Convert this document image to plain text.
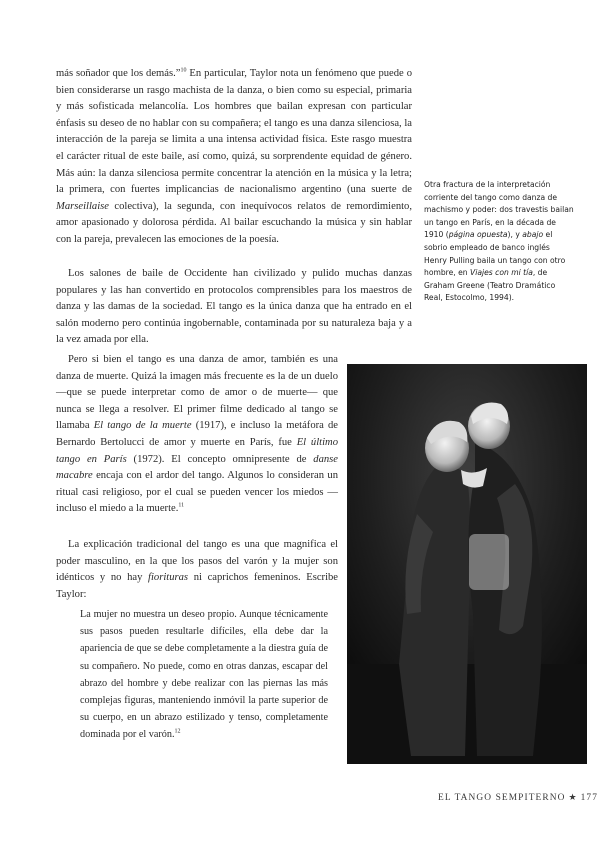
más soñador que los demás.”$^{10}$ En particular, Taylor nota un fenómeno que puede o bien considerarse un rasgo machista de la danza, o bien como su especial, primaria y más sofisticada melancolía. Los hombres que bailan expresan con particular énfasis su deseo de no hablar con su compañera; el tango es una danza silenciosa, la interacción de la pareja se limita a una intensa actividad física. Este rasgo muestra el carácter ritual de este baile, así como, quizá, su sorprendente equidad de género. Más aún: la danza silenciosa permite concentrar la atención en la música y la letra; la primera, con fuertes implicancias de nacionalismo argentino (una suerte de Marseillaise colectiva), la segunda, con inequívocos relatos de remordimiento, amor apasionado y dolorosa pérdida. Al bailar escuchando la música y sin hablar con la pareja, prevalecen las emociones de la poesía.

Los salones de baile de Occidente han civilizado y pulido muchas danzas populares y las han convertido en protocolos comprensibles para los maestros de danza y las damas de la sociedad. El tango es la única danza que ha entrado en el salón moderno pero continúa ingobernable, contaminada por su naturaleza baja y a la vez amada por ella.

Pero si bien el tango es una danza de amor, también es una danza de muerte. Quizá la imagen más frecuente es la de un duelo —que se puede interpretar como de amor o de muerte— que nunca se llega a resolver. El primer filme dedicado al tango se llamaba El tango de la muerte (1917), e incluso la metáfora de Bernardo Bertolucci de amor y muerte en París, fue El último tango en París (1972). El concepto omnipresente de danse macabre encaja con el ardor del tango. Algunos lo consideran un ritual casi religioso, por el cual se pueden vencer los miedos —incluso el miedo a la muerte.$^{11}$

La explicación tradicional del tango es una que magnifica el poder masculino, en la que los pasos del varón y la mujer son idénticos y no hay fiorituras ni caprichos femeninos. Escribe Taylor:

La mujer no muestra un deseo propio. Aunque técnicamente sus pasos pueden resultarle difíciles, ella debe dar la apariencia de que se debe completamente a la diestra guía de su compañero. No puede, como en otras danzas, escapar del abrazo del hombre y debe realizar con las piernas las más complejas figuras, manteniendo inmóvil la parte superior de su cuerpo, en un abrazo estilizado y tenso, completamente dominada por el varón.$^{12}$

Otra fractura de la interpretación corriente del tango como danza de machismo y poder: dos travestis bailan un tango en París, en la década de 1910 (página opuesta), y abajo el sobrio empleado de banco inglés Henry Pulling baila un tango con otro hombre, en Viajes con mi tía, de Graham Greene (Teatro Dramático Real, Estocolmo, 1994).

EL TANGO SEMPITERNO ★ 177
